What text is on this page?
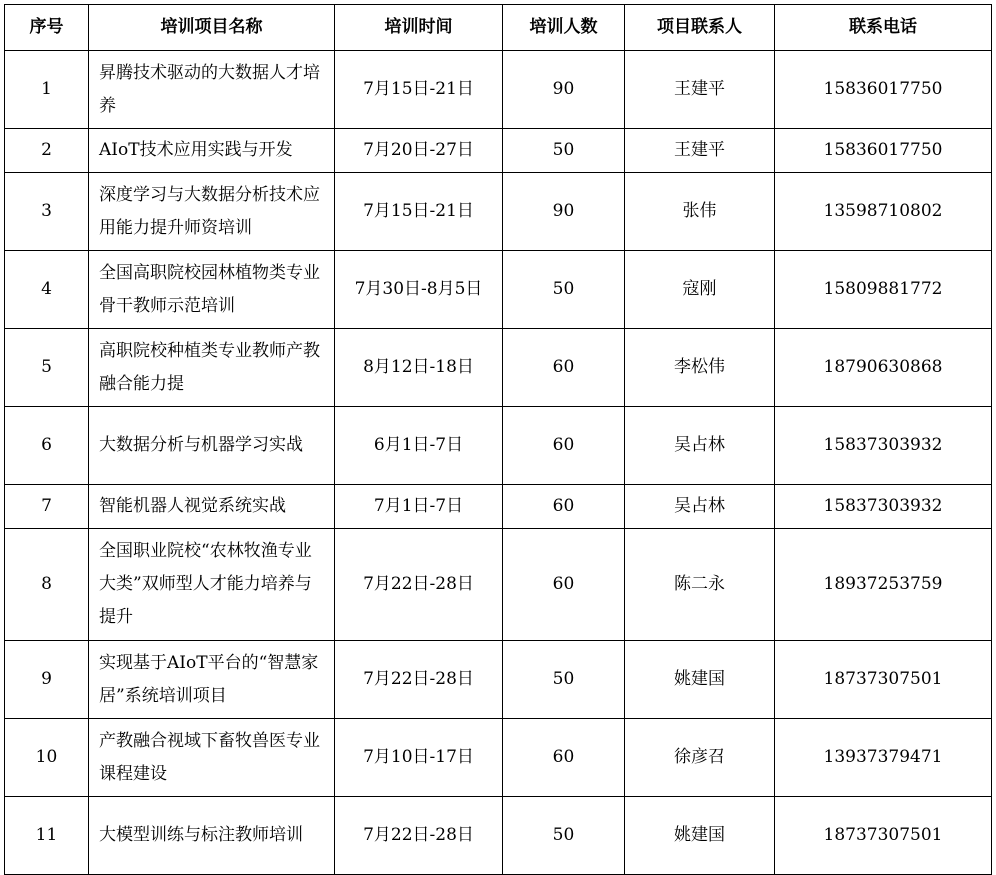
序号	培训项目名称	培训时间	培训人数	项目联系人	联系电话
1	昇腾技术驱动的大数据人才培养	7月15日-21日	90	王建平	15836017750
2	AIoT技术应用实践与开发	7月20日-27日	50	王建平	15836017750
3	深度学习与大数据分析技术应用能力提升师资培训	7月15日-21日	90	张伟	13598710802
4	全国高职院校园林植物类专业骨干教师示范培训	7月30日-8月5日	50	寇刚	15809881772
5	高职院校种植类专业教师产教融合能力提	8月12日-18日	60	李松伟	18790630868
6	大数据分析与机器学习实战	6月1日-7日	60	吴占林	15837303932
7	智能机器人视觉系统实战	7月1日-7日	60	吴占林	15837303932
8	全国职业院校“农林牧渔专业大类”双师型人才能力培养与提升	7月22日-28日	60	陈二永	18937253759
9	实现基于AIoT平台的“智慧家居”系统培训项目	7月22日-28日	50	姚建国	18737307501
10	产教融合视域下畜牧兽医专业课程建设	7月10日-17日	60	徐彦召	13937379471
11	大模型训练与标注教师培训	7月22日-28日	50	姚建国	18737307501
